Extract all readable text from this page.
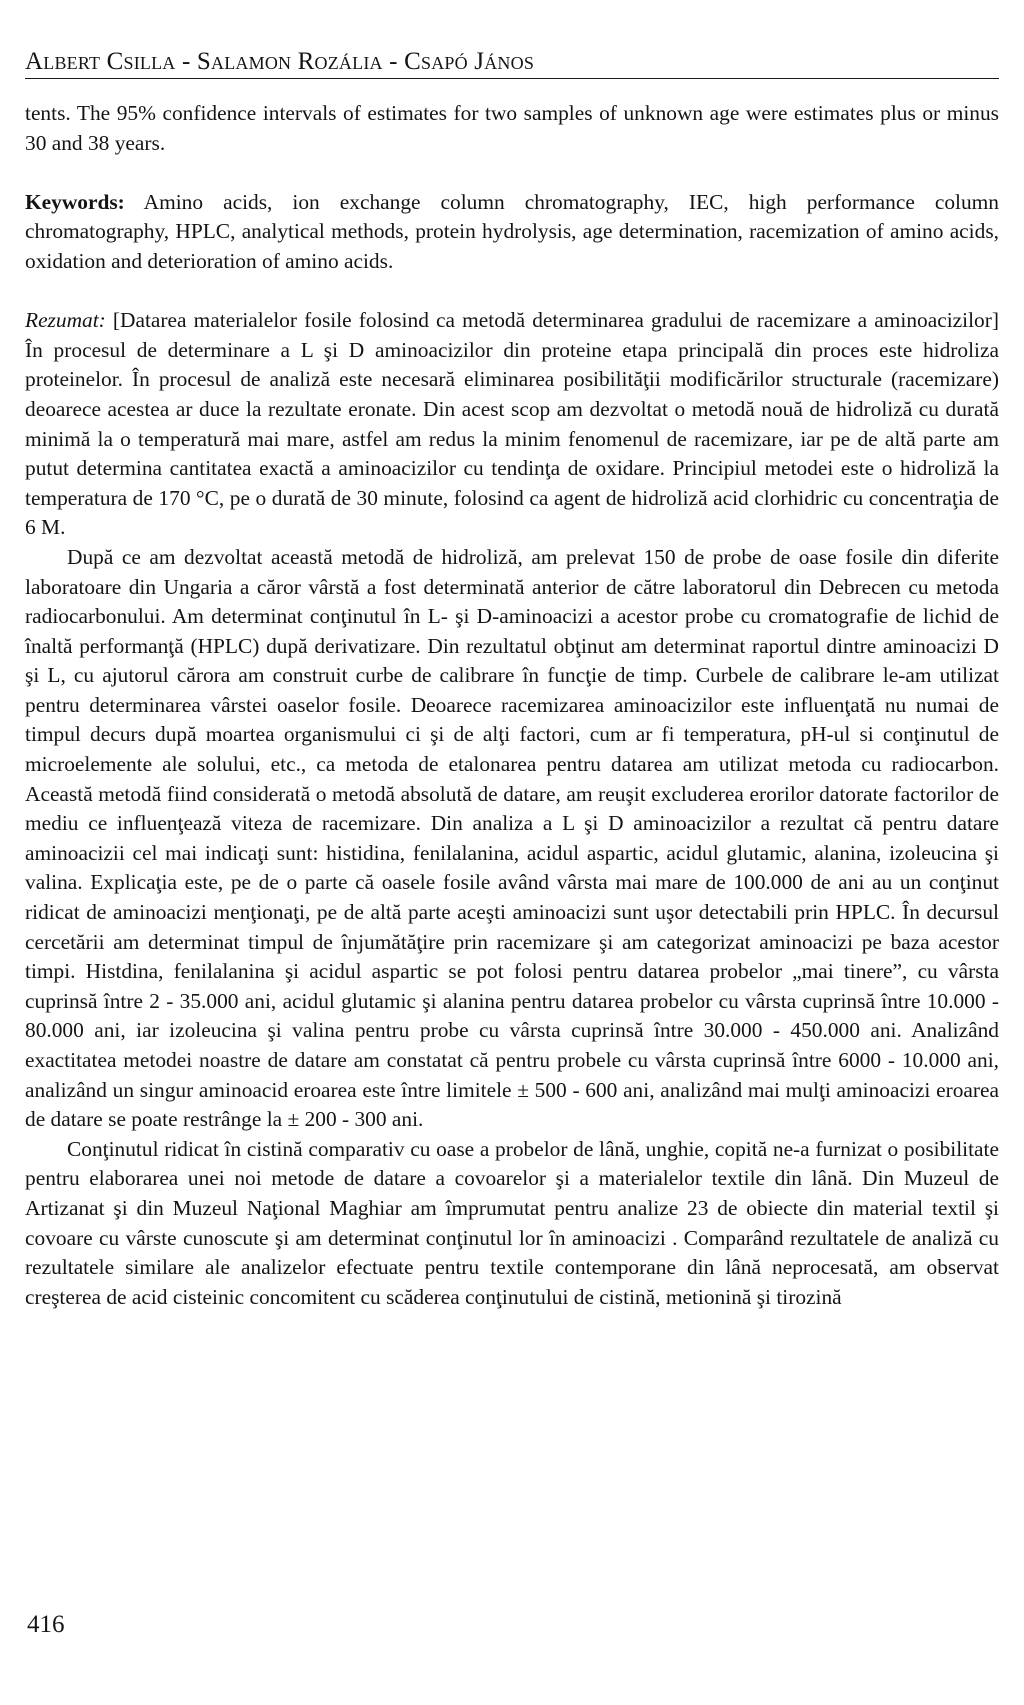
Albert Csilla - Salamon Rozália - Csapó János

tents. The 95% confidence intervals of estimates for two samples of unknown age were estimates plus or minus 30 and 38 years.

Keywords: Amino acids, ion exchange column chromatography, IEC, high performance column chromatography, HPLC, analytical methods, protein hydrolysis, age determination, racemization of amino acids, oxidation and deterioration of amino acids.

Rezumat: [Datarea materialelor fosile folosind ca metodă determinarea gradului de racemizare a aminoacizilor] În procesul de determinare a L şi D aminoacizilor din proteine etapa principală din proces este hidroliza proteinelor. În procesul de analiză este necesară eliminarea posibilităţii modificărilor structurale (racemizare) deoarece acestea ar duce la rezultate eronate. Din acest scop am dezvoltat o metodă nouă de hidroliză cu durată minimă la o temperatură mai mare, astfel am redus la minim fenomenul de racemizare, iar pe de altă parte am putut determina cantitatea exactă a aminoacizilor cu tendinţa de oxidare. Principiul metodei este o hidroliză la temperatura de 170 °C, pe o durată de 30 minute, folosind ca agent de hidroliză acid clorhidric cu concentraţia de 6 M.

După ce am dezvoltat această metodă de hidroliză, am prelevat 150 de probe de oase fosile din diferite laboratoare din Ungaria a căror vârstă a fost determinată anterior de către laboratorul din Debrecen cu metoda radiocarbonului. Am determinat conţinutul în L- şi D-aminoacizi a acestor probe cu cromatografie de lichid de înaltă performanţă (HPLC) după derivatizare. Din rezultatul obţinut am determinat raportul dintre aminoacizi D şi L, cu ajutorul cărora am construit curbe de calibrare în funcţie de timp. Curbele de calibrare le-am utilizat pentru determinarea vârstei oaselor fosile. Deoarece racemizarea aminoacizilor este influenţată nu numai de timpul decurs după moartea organismului ci şi de alţi factori, cum ar fi temperatura, pH-ul si conţinutul de microelemente ale solului, etc., ca metoda de etalonarea pentru datarea am utilizat metoda cu radiocarbon. Această metodă fiind considerată o metodă absolută de datare, am reuşit excluderea erorilor datorate factorilor de mediu ce influenţează viteza de racemizare. Din analiza a L şi D aminoacizilor a rezultat că pentru datare aminoacizii cel mai indicaţi sunt: histidina, fenilalanina, acidul aspartic, acidul glutamic, alanina, izoleucina şi valina. Explicaţia este, pe de o parte că oasele fosile având vârsta mai mare de 100.000 de ani au un conţinut ridicat de aminoacizi menţionaţi, pe de altă parte aceşti aminoacizi sunt uşor detectabili prin HPLC. În decursul cercetării am determinat timpul de înjumătăţire prin racemizare şi am categorizat aminoacizi pe baza acestor timpi. Histdina, fenilalanina şi acidul aspartic se pot folosi pentru datarea probelor „mai tinere”, cu vârsta cuprinsă între 2 - 35.000 ani, acidul glutamic şi alanina pentru datarea probelor cu vârsta cuprinsă între 10.000 - 80.000 ani, iar izoleucina şi valina pentru probe cu vârsta cuprinsă între 30.000 - 450.000 ani. Analizând exactitatea metodei noastre de datare am constatat că pentru probele cu vârsta cuprinsă între 6000 - 10.000 ani, analizând un singur aminoacid eroarea este între limitele ± 500 - 600 ani, analizând mai mulţi aminoacizi eroarea de datare se poate restrânge la ± 200 - 300 ani.

Conţinutul ridicat în cistină comparativ cu oase a probelor de lână, unghie, copită ne-a furnizat o posibilitate pentru elaborarea unei noi metode de datare a covoarelor şi a materialelor textile din lână. Din Muzeul de Artizanat şi din Muzeul Naţional Maghiar am împrumutat pentru analize 23 de obiecte din material textil şi covoare cu vârste cunoscute şi am determinat conţinutul lor în aminoacizi . Comparând rezultatele de analiză cu rezultatele similare ale analizelor efectuate pentru textile contemporane din lână neprocesată, am observat creşterea de acid cisteinic concomitent cu scăderea conţinutului de cistină, metionină şi tirozină

416
